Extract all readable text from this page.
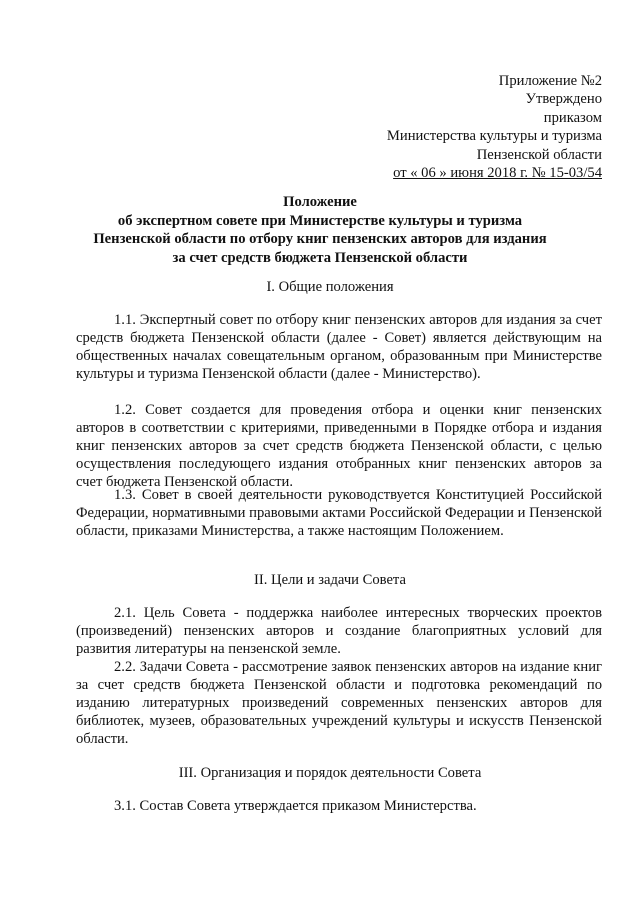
Приложение №2
Утверждено
приказом
Министерства культуры и туризма
Пензенской области
от « 06 » июня 2018 г. № 15-03/54
Положение
об экспертном совете при Министерстве культуры и туризма
Пензенской области по отбору книг пензенских авторов для издания
за счет средств бюджета Пензенской области
I. Общие положения

1.1. Экспертный совет по отбору книг пензенских авторов для издания за счет средств бюджета Пензенской области (далее - Совет) является действующим на общественных началах совещательным органом, образованным при Министерстве культуры и туризма Пензенской области (далее - Министерство).

1.2. Совет создается для проведения отбора и оценки книг пензенских авторов в соответствии с критериями, приведенными в Порядке отбора и издания книг пензенских авторов за счет средств бюджета Пензенской области, с целью осуществления последующего издания отобранных книг пензенских авторов за счет бюджета Пензенской области.

1.3. Совет в своей деятельности руководствуется Конституцией Российской Федерации, нормативными правовыми актами Российской Федерации и Пензенской области, приказами Министерства, а также настоящим Положением.

II. Цели и задачи Совета

2.1. Цель Совета - поддержка наиболее интересных творческих проектов (произведений) пензенских авторов и создание благоприятных условий для развития литературы на пензенской земле.

2.2. Задачи Совета - рассмотрение заявок пензенских авторов на издание книг за счет средств бюджета Пензенской области и подготовка рекомендаций по изданию литературных произведений современных пензенских авторов для библиотек, музеев, образовательных учреждений культуры и искусств Пензенской области.

III. Организация и порядок деятельности Совета

3.1. Состав Совета утверждается приказом Министерства.
